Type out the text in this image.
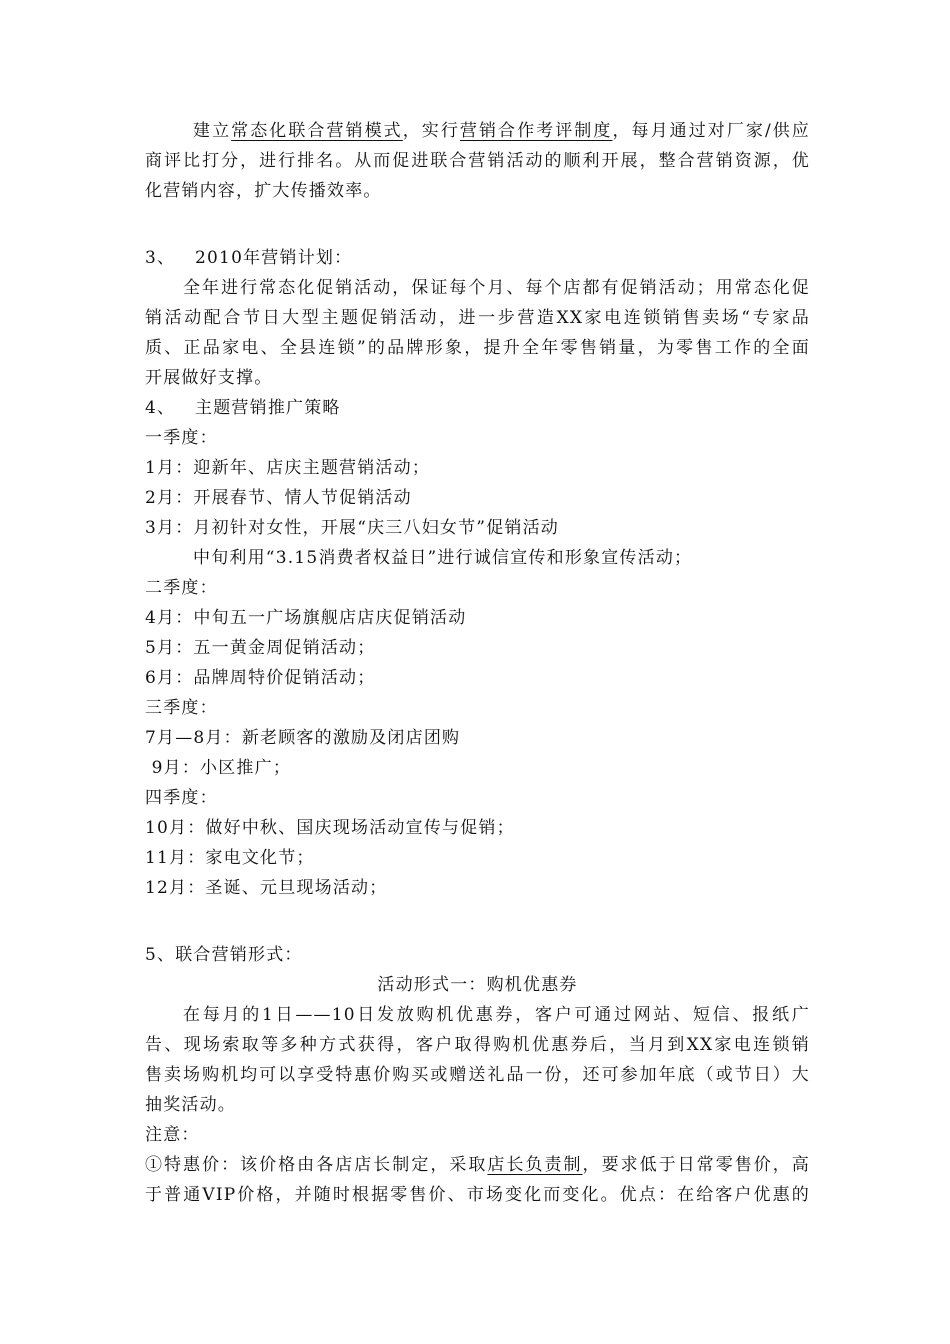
建立常态化联合营销模式，实行营销合作考评制度，每月通过对厂家/供应
商评比打分，进行排名。从而促进联合营销活动的顺利开展，整合营销资源，优
化营销内容，扩大传播效率。
3、   2010年营销计划：
全年进行常态化促销活动，保证每个月、每个店都有促销活动；用常态化促
销活动配合节日大型主题促销活动，进一步营造XX家电连锁销售卖场“专家品
质、正品家电、全县连锁”的品牌形象，提升全年零售销量，为零售工作的全面
开展做好支撑。
4、   主题营销推广策略
一季度：
1月：迎新年、店庆主题营销活动；
2月：开展春节、情人节促销活动
3月：月初针对女性，开展“庆三八妇女节”促销活动
中旬利用“3.15消费者权益日”进行诚信宣传和形象宣传活动；
二季度：
4月：中旬五一广场旗舰店店庆促销活动
5月：五一黄金周促销活动；
6月：品牌周特价促销活动；
三季度：
7月—8月：新老顾客的激励及闭店团购
9月：小区推广；
四季度：
10月：做好中秋、国庆现场活动宣传与促销；
11月：家电文化节；
12月：圣诞、元旦现场活动；
5、联合营销形式：
活动形式一：购机优惠券
在每月的1日——10日发放购机优惠券，客户可通过网站、短信、报纸广
告、现场索取等多种方式获得，客户取得购机优惠券后，当月到XX家电连锁销
售卖场购机均可以享受特惠价购买或赠送礼品一份，还可参加年底（或节日）大
抽奖活动。
注意：
①特惠价：该价格由各店店长制定，采取店长负责制，要求低于日常零售价，高
于普通VIP价格，并随时根据零售价、市场变化而变化。优点：在给客户优惠的
